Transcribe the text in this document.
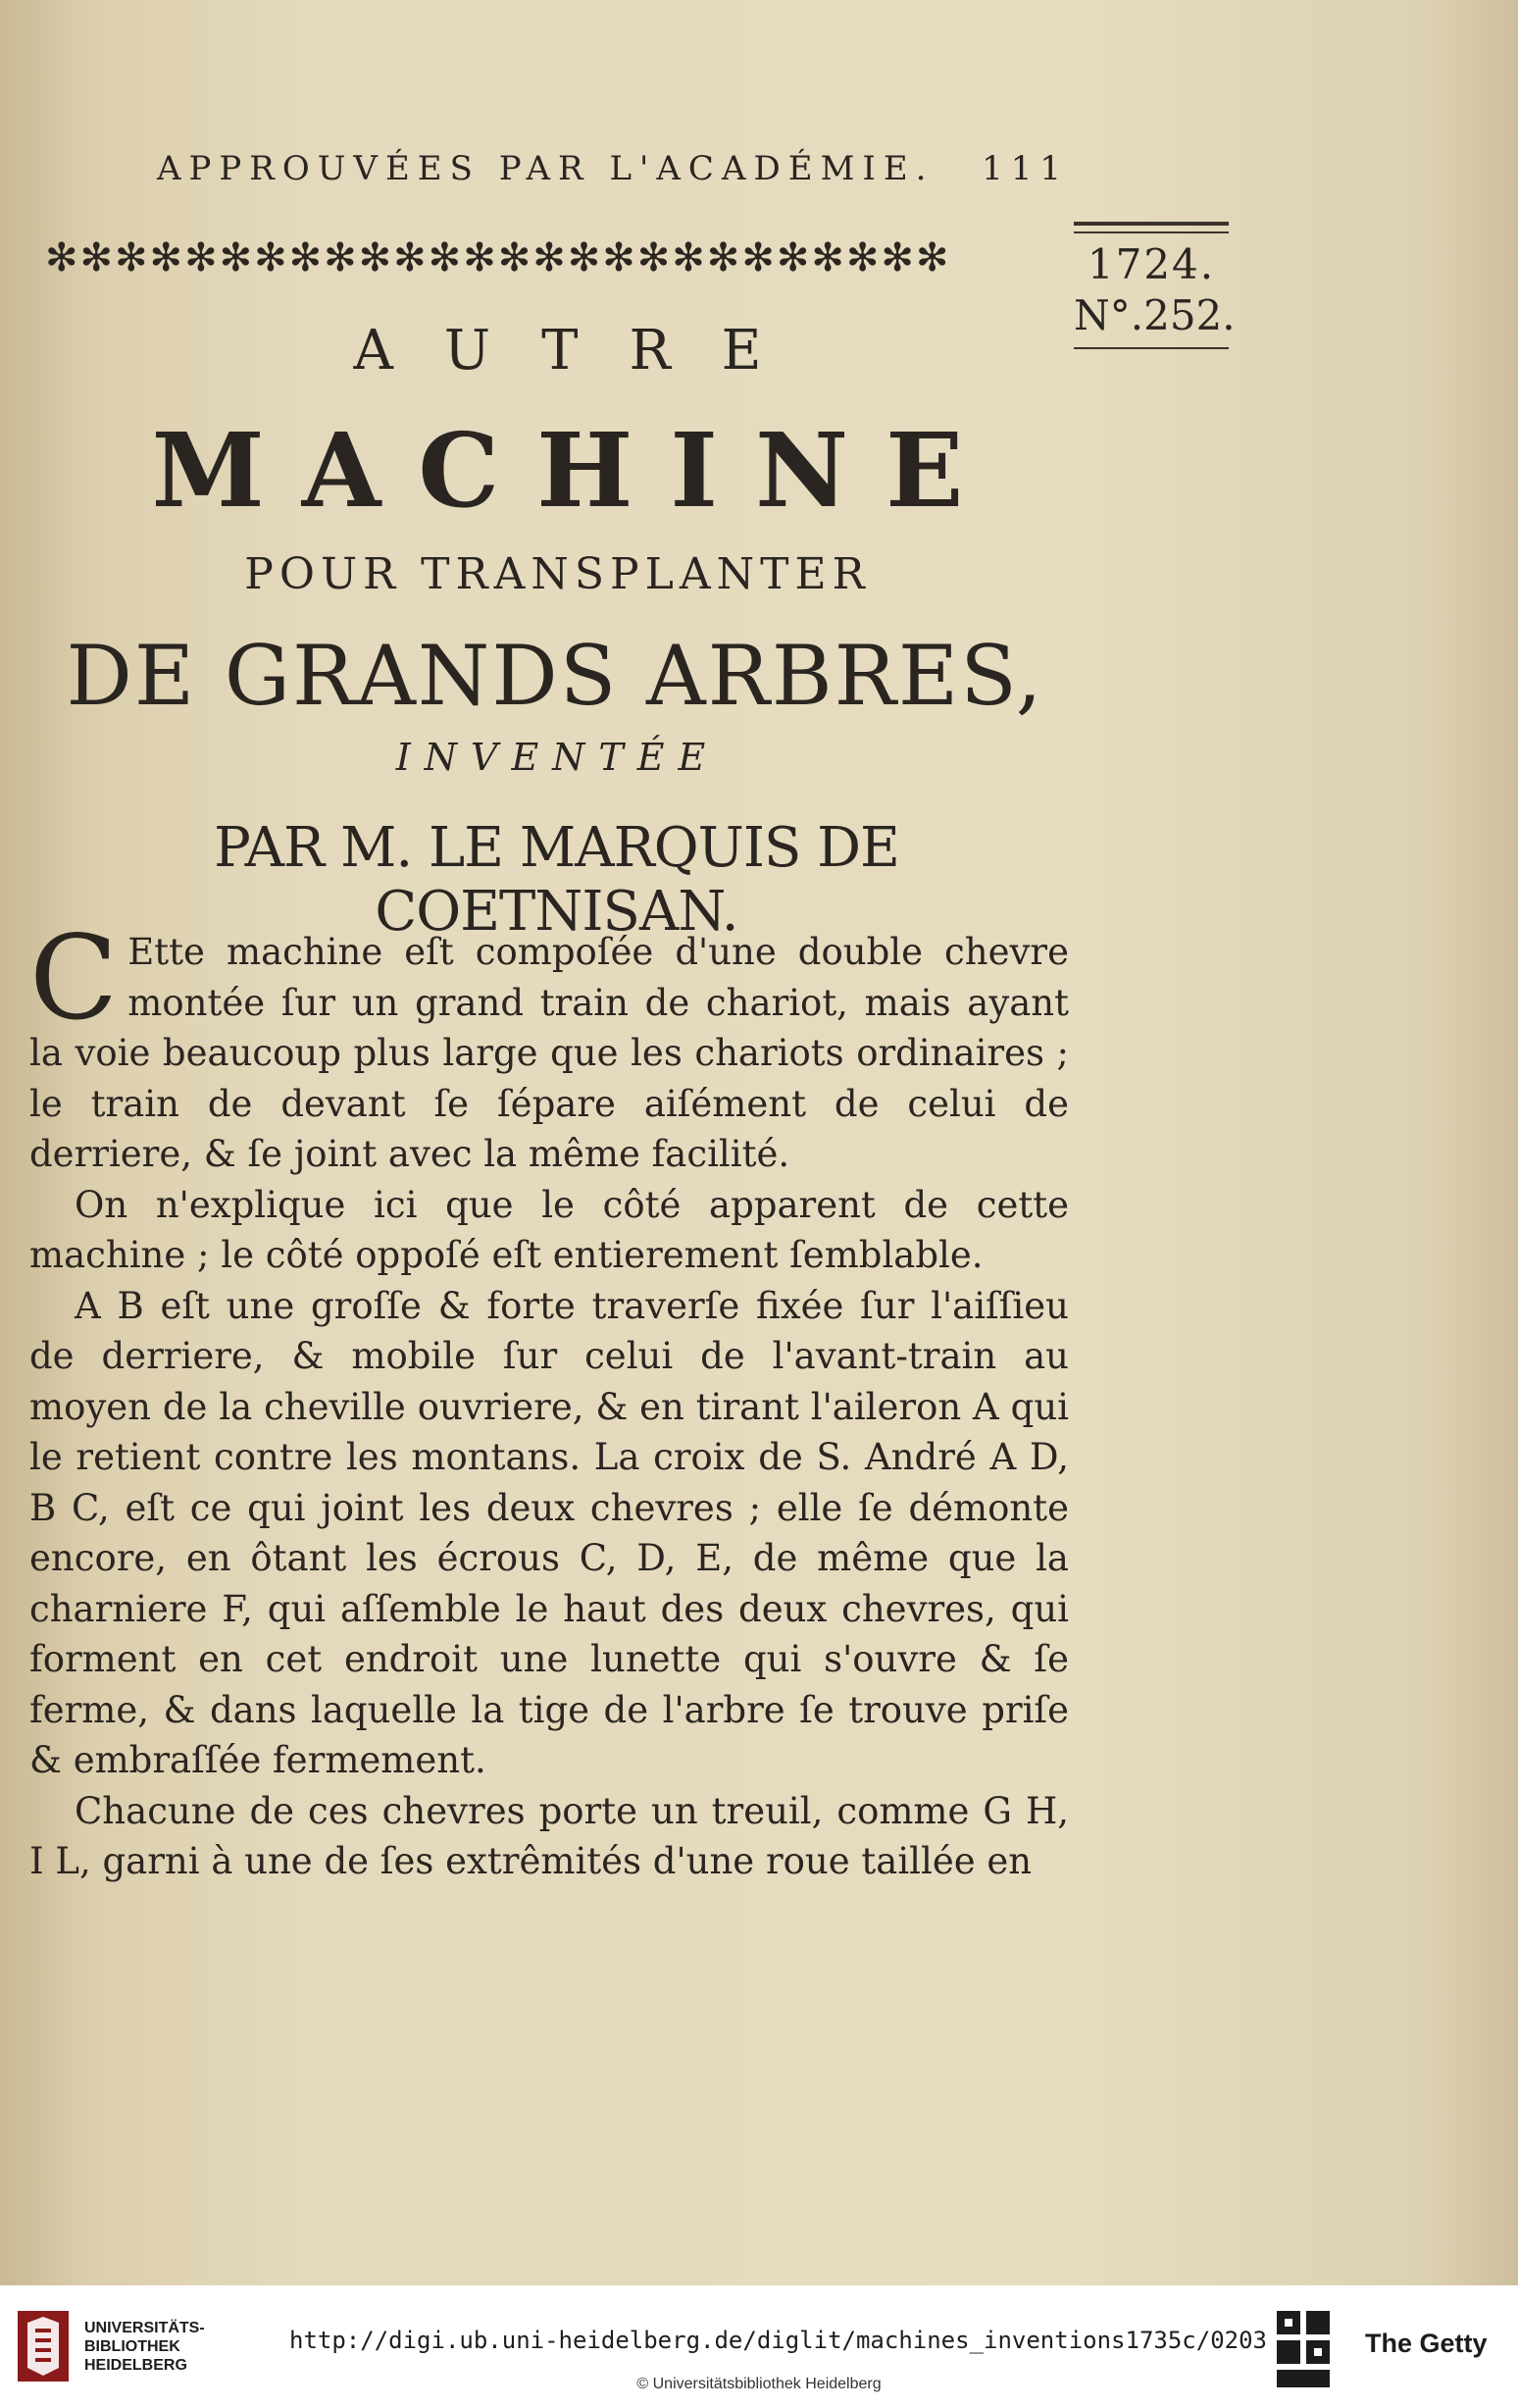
APPROUVÉES PAR L'ACADÉMIE. 111
✻✻✻✻✻✻✻✻✻✻✻✻✻✻✻✻✻✻✻✻✻✻✻✻✻✻	1724.
N°.252.
AUTRE
MACHINE
POUR TRANSPLANTER
DE GRANDS ARBRES,
INVENTÉE
PAR M. LE MARQUIS DE COETNISAN.

C Ette machine eſt compoſée d'une double chevre montée ſur un grand train de chariot, mais ayant la voie beaucoup plus large que les chariots ordinaires ; le train de devant ſe ſépare aiſément de celui de derriere, & ſe joint avec la même facilité.

On n'explique ici que le côté apparent de cette machine ; le côté oppoſé eſt entierement ſemblable.

A B eſt une groſſe & forte traverſe fixée ſur l'aiſſieu de derriere, & mobile ſur celui de l'avant-train au moyen de la cheville ouvriere, & en tirant l'aileron A qui le retient contre les montans. La croix de S. André A D, B C, eſt ce qui joint les deux chevres ; elle ſe démonte encore, en ôtant les écrous C, D, E, de même que la charniere F, qui aſſemble le haut des deux chevres, qui forment en cet endroit une lunette qui s'ouvre & ſe ferme, & dans laquelle la tige de l'arbre ſe trouve priſe & embraſſée fermement.

Chacune de ces chevres porte un treuil, comme G H, I L, garni à une de ſes extrêmités d'une roue taillée en

UNIVERSITÄTS-
BIBLIOTHEK
HEIDELBERG
http://digi.ub.uni-heidelberg.de/diglit/machines_inventions1735c/0203
© Universitätsbibliothek Heidelberg
The Getty
